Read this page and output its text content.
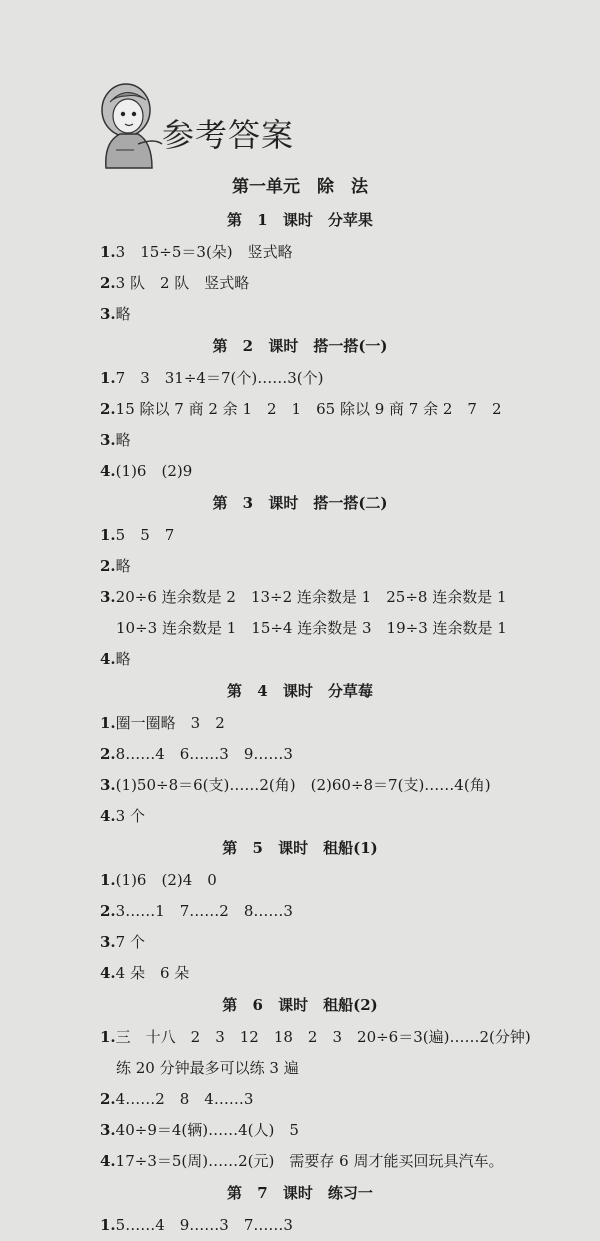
参考答案
第一单元　除　法
第 1 课时　分苹果
1.3　15÷5＝3(朵)　竖式略
2.3 队　2 队　竖式略
3.略
第 2 课时　搭一搭(一)
1.7　3　31÷4＝7(个)……3(个)
2.15 除以 7 商 2 余 1　2　1　65 除以 9 商 7 余 2　7　2
3.略
4.(1)6　(2)9
第 3 课时　搭一搭(二)
1.5　5　7
2.略
3.20÷6 连余数是 2　13÷2 连余数是 1　25÷8 连余数是 1
10÷3 连余数是 1　15÷4 连余数是 3　19÷3 连余数是 1
4.略
第 4 课时　分草莓
1.圈一圈略　3　2
2.8……4　6……3　9……3
3.(1)50÷8＝6(支)……2(角)　(2)60÷8＝7(支)……4(角)
4.3 个
第 5 课时　租船(1)
1.(1)6　(2)4　0
2.3……1　7……2　8……3
3.7 个
4.4 朵　6 朵
第 6 课时　租船(2)
1.三　十八　2　3　12　18　2　3　20÷6＝3(遍)……2(分钟)
练 20 分钟最多可以练 3 遍
2.4……2　8　4……3
3.40÷9＝4(辆)……4(人)　5
4.17÷3＝5(周)……2(元)　需要存 6 周才能买回玩具汽车。
第 7 课时　练习一
1.5……4　9……3　7……3
